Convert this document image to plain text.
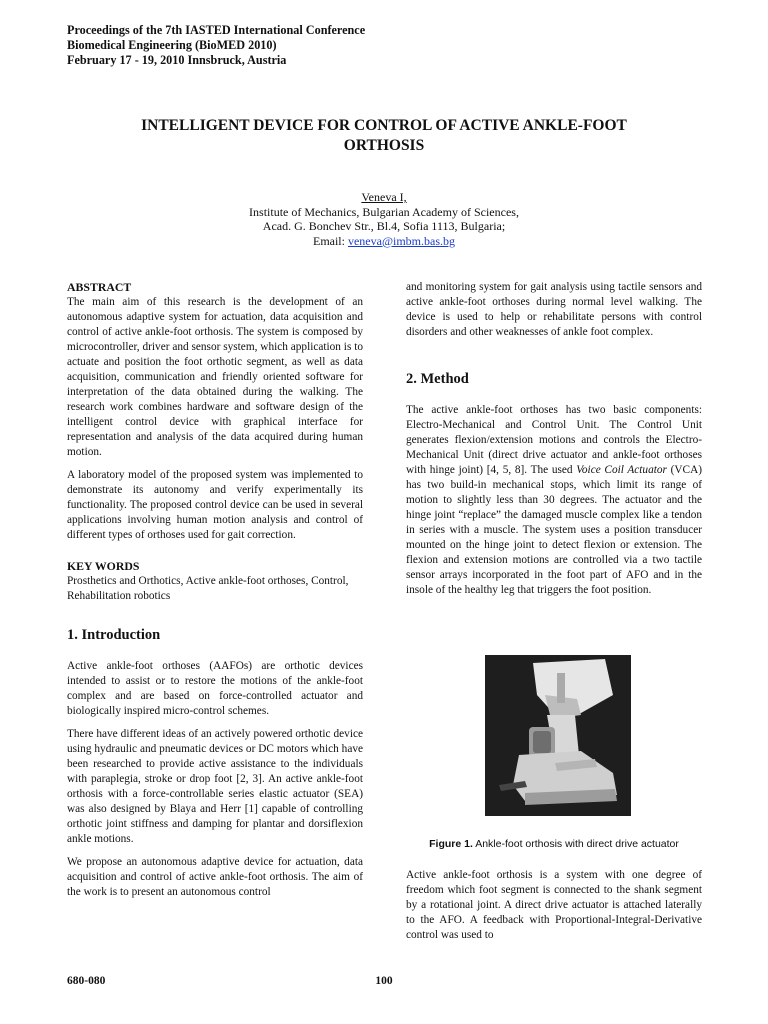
Proceedings of the 7th IASTED International Conference
Biomedical Engineering (BioMED 2010)
February 17 - 19, 2010 Innsbruck, Austria
INTELLIGENT DEVICE FOR CONTROL OF ACTIVE ANKLE-FOOT
ORTHOSIS
Veneva I,
Institute of Mechanics, Bulgarian Academy of Sciences,
Acad. G. Bonchev Str., Bl.4, Sofia 1113, Bulgaria;
Email: veneva@imbm.bas.bg

ABSTRACT

The main aim of this research is the development of an autonomous adaptive system for actuation, data acquisition and control of active ankle-foot orthosis. The system is composed by microcontroller, driver and sensor system, which application is to actuate and position the foot orthotic segment, as well as data acquisition, communication and friendly oriented software for interpretation of the data obtained during the walking. The research work combines hardware and software design of the intelligent control device with graphical interface for representation and analysis of the data acquired during human motion.

A laboratory model of the proposed system was implemented to demonstrate its autonomy and verify experimentally its functionality. The proposed control device can be used in several applications involving human motion analysis and control of different types of orthoses used for gait correction.

KEY WORDS

Prosthetics and Orthotics, Active ankle-foot orthoses, Control, Rehabilitation robotics

1. Introduction

Active ankle-foot orthoses (AAFOs) are orthotic devices intended to assist or to restore the motions of the ankle-foot complex and are based on force-controlled actuator and biologically inspired micro-control schemes.

There have different ideas of an actively powered orthotic device using hydraulic and pneumatic devices or DC motors which have been researched to provide active assistance to the individuals with paraplegia, stroke or drop foot [2, 3]. An active ankle-foot orthosis with a force-controllable series elastic actuator (SEA) was also designed by Blaya and Herr [1] capable of controlling orthotic joint stiffness and damping for plantar and dorsiflexion ankle motions.

We propose an autonomous adaptive device for actuation, data acquisition and control of active ankle-foot orthosis. The aim of the work is to present an autonomous control

and monitoring system for gait analysis using tactile sensors and active ankle-foot orthoses during normal level walking. The device is used to help or rehabilitate persons with control disorders and other weaknesses of ankle foot complex.

2. Method

The active ankle-foot orthoses has two basic components: Electro-Mechanical and Control Unit. The Control Unit generates flexion/extension motions and controls the Electro-Mechanical Unit (direct drive actuator and ankle-foot orthoses with hinge joint) [4, 5, 8]. The used Voice Coil Actuator (VCA) has two build-in mechanical stops, which limit its range of motion to slightly less than 30 degrees. The actuator and the hinge joint “replace” the damaged muscle complex like a tendon in series with a muscle. The system uses a position transducer mounted on the hinge joint to detect flexion or extension. The flexion and extension motions are controlled via a two tactile sensor arrays incorporated in the foot part of AFO and in the insole of the healthy leg that triggers the foot position.

Figure 1. Ankle-foot orthosis with direct drive actuator

Active ankle-foot orthosis is a system with one degree of freedom which foot segment is connected to the shank segment by a rotational joint. A direct drive actuator is attached laterally to the AFO. A feedback with Proportional-Integral-Derivative control was used to

680-080	100
